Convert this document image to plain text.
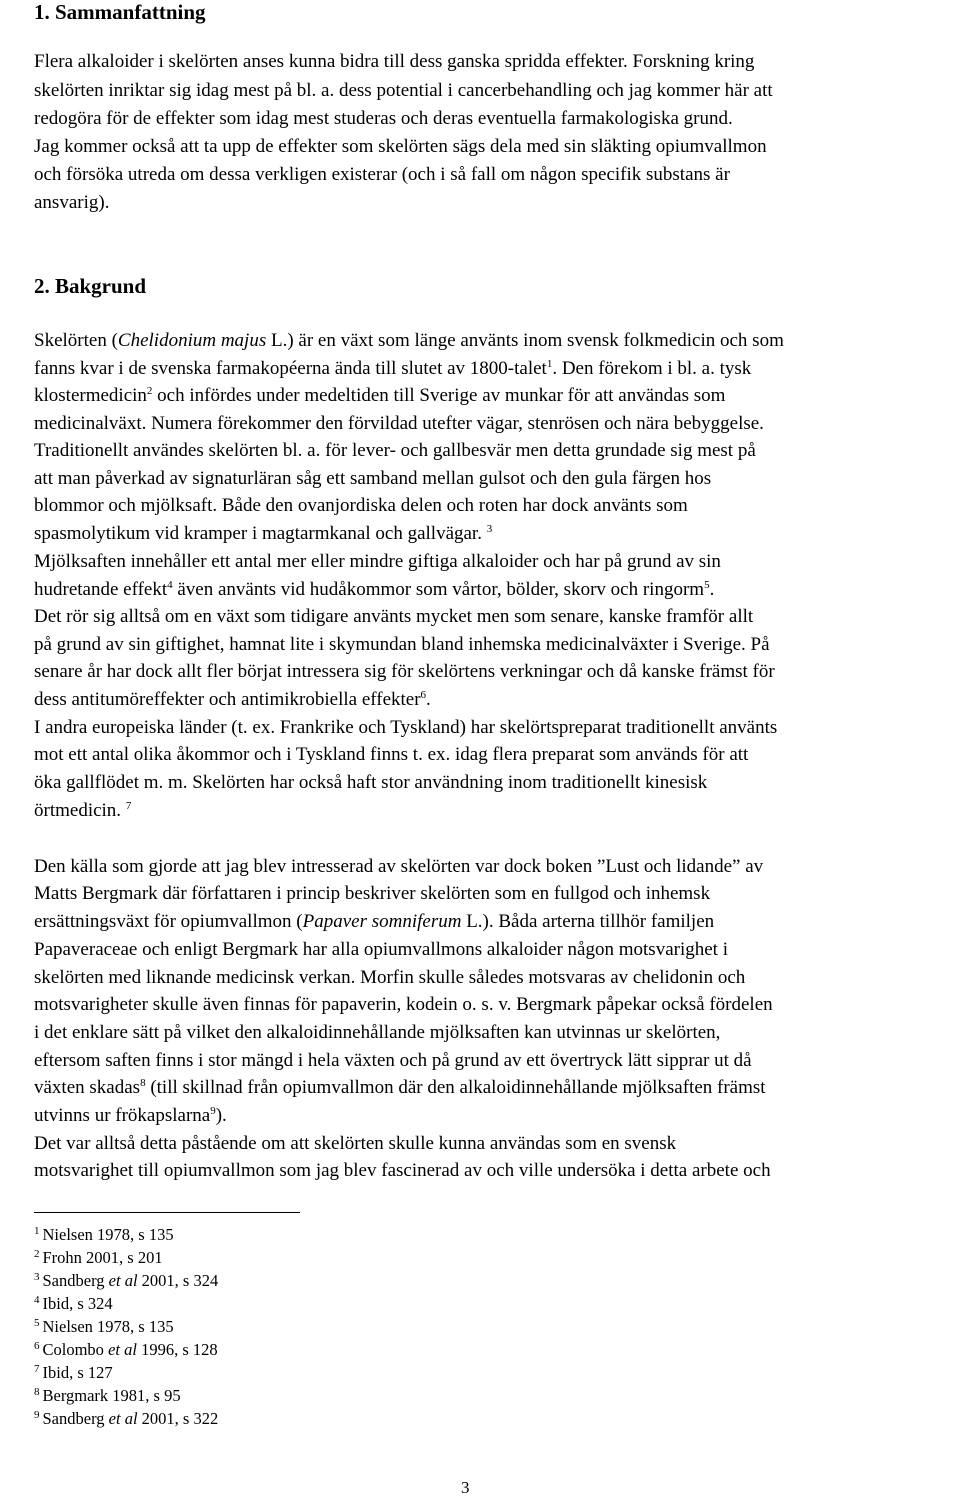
1. Sammanfattning
Flera alkaloider i skelörten anses kunna bidra till dess ganska spridda effekter. Forskning kring
skelörten inriktar sig idag mest på bl. a. dess potential i cancerbehandling och jag kommer här att
redogöra för de effekter som idag mest studeras och deras eventuella farmakologiska grund.
Jag kommer också att ta upp de effekter som skelörten sägs dela med sin släkting opiumvallmon
och försöka utreda om dessa verkligen existerar (och i så fall om någon specifik substans är
ansvarig).
2. Bakgrund
Skelörten (Chelidonium majus L.) är en växt som länge använts inom svensk folkmedicin och som
fanns kvar i de svenska farmakopéerna ända till slutet av 1800-talet$^1$. Den förekom i bl. a. tysk
klostermedicin$^2$ och infördes under medeltiden till Sverige av munkar för att användas som
medicinalväxt. Numera förekommer den förvildad utefter vägar, stenrösen och nära bebyggelse.
Traditionellt användes skelörten bl. a. för lever- och gallbesvär men detta grundade sig mest på
att man påverkad av signaturläran såg ett samband mellan gulsot och den gula färgen hos
blommor och mjölksaft. Både den ovanjordiska delen och roten har dock använts som
spasmolytikum vid kramper i magtarmkanal och gallvägar. $^3$
Mjölksaften innehåller ett antal mer eller mindre giftiga alkaloider och har på grund av sin
hudretande effekt$^4$ även använts vid hudåkommor som vårtor, bölder, skorv och ringorm$^5$.
Det rör sig alltså om en växt som tidigare använts mycket men som senare, kanske framför allt
på grund av sin giftighet, hamnat lite i skymundan bland inhemska medicinalväxter i Sverige. På
senare år har dock allt fler börjat intressera sig för skelörtens verkningar och då kanske främst för
dess antitumöreffekter och antimikrobiella effekter$^6$.
I andra europeiska länder (t. ex. Frankrike och Tyskland) har skelörtspreparat traditionellt använts
mot ett antal olika åkommor och i Tyskland finns t. ex. idag flera preparat som används för att
öka gallflödet m. m. Skelörten har också haft stor användning inom traditionellt kinesisk
örtmedicin. $^7$
Den källa som gjorde att jag blev intresserad av skelörten var dock boken ”Lust och lidande” av
Matts Bergmark där författaren i princip beskriver skelörten som en fullgod och inhemsk
ersättningsväxt för opiumvallmon (Papaver somniferum L.). Båda arterna tillhör familjen
Papaveraceae och enligt Bergmark har alla opiumvallmons alkaloider någon motsvarighet i
skelörten med liknande medicinsk verkan. Morfin skulle således motsvaras av chelidonin och
motsvarigheter skulle även finnas för papaverin, kodein o. s. v. Bergmark påpekar också fördelen
i det enklare sätt på vilket den alkaloidinnehållande mjölksaften kan utvinnas ur skelörten,
eftersom saften finns i stor mängd i hela växten och på grund av ett övertryck lätt sipprar ut då
växten skadas$^8$ (till skillnad från opiumvallmon där den alkaloidinnehållande mjölksaften främst
utvinns ur frökapslarna$^9$).
Det var alltså detta påstående om att skelörten skulle kunna användas som en svensk
motsvarighet till opiumvallmon som jag blev fascinerad av och ville undersöka i detta arbete och
$^1$ Nielsen 1978, s 135
$^2$ Frohn 2001, s 201
$^3$ Sandberg et al 2001, s 324
$^4$ Ibid, s 324
$^5$ Nielsen 1978, s 135
$^6$ Colombo et al 1996, s 128
$^7$ Ibid, s 127
$^8$ Bergmark 1981, s 95
$^9$ Sandberg et al 2001, s 322
3
